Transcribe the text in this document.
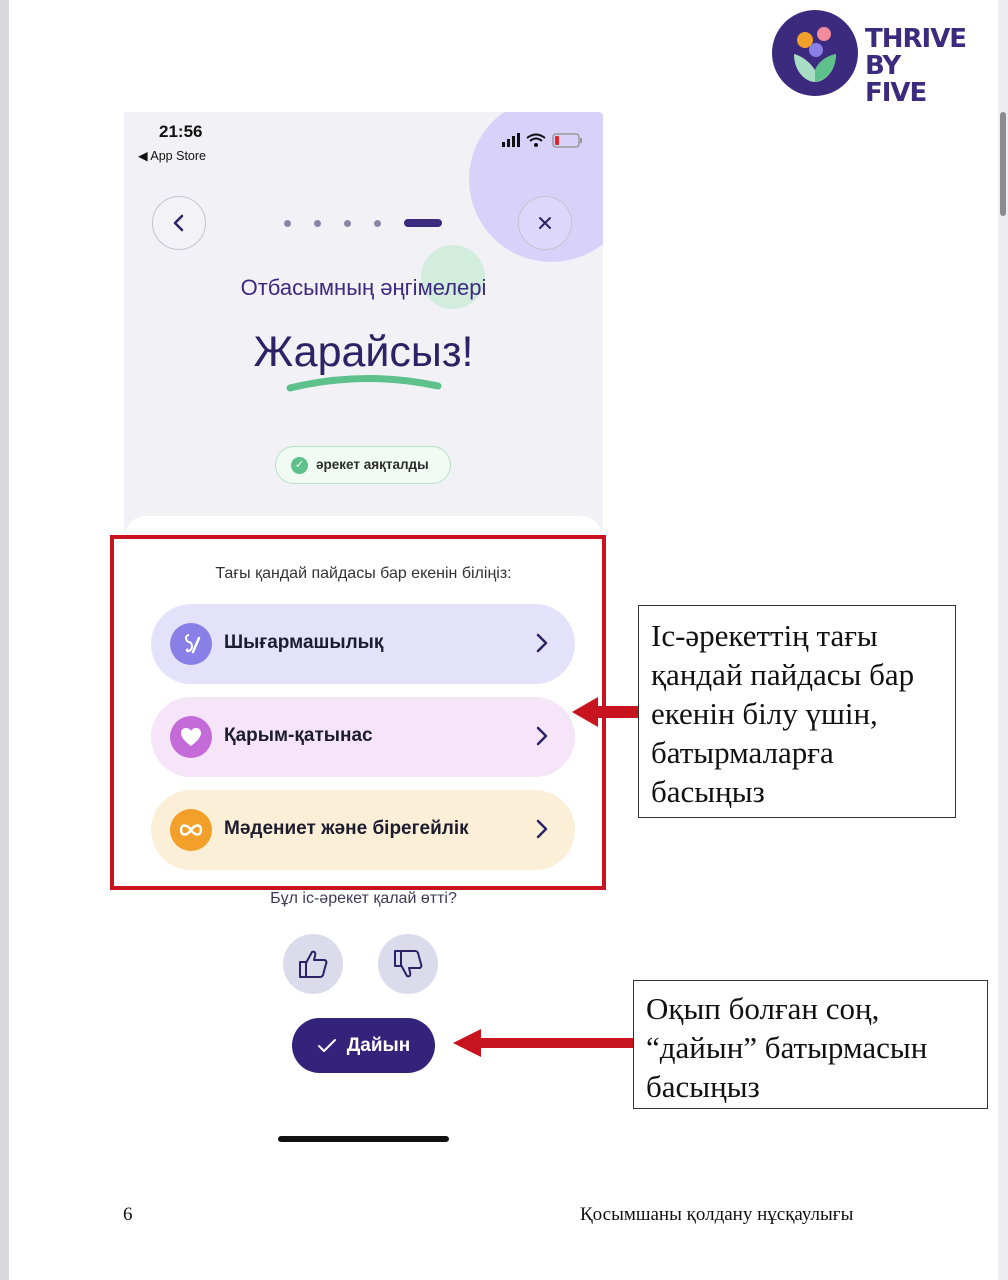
THRIVE
BY FIVE
21:56
◀ App Store
Отбасымның әңгімелері
Жарайсыз!
✓ әрекет аяқталды
Тағы қандай пайдасы бар екенін біліңіз:
Шығармашылық
Қарым-қатынас
Мәдениет және бірегейлік
Бұл іс-әрекет қалай өтті?
Дайын
Іс-әрекеттің тағы қандай пайдасы бар екенін білу үшін, батырмаларға басыңыз
Оқып болған соң, “дайын” батырмасын басыңыз
6	Қосымшаны қолдану нұсқаулығы
